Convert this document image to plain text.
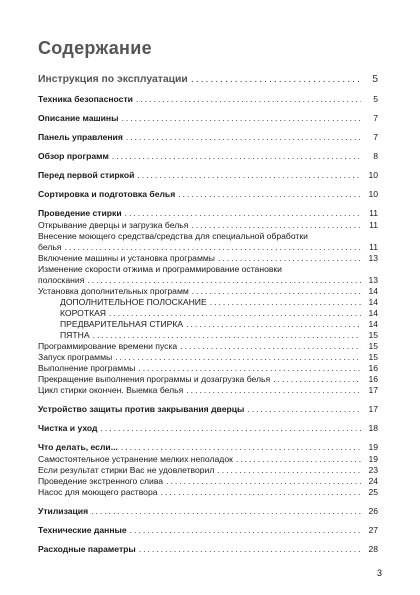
Содержание
Инструкция по эксплуатации .....	5
Техника безопасности .....	5
Описание машины .....	7
Панель управления .....	7
Обзор программ .....	8
Перед первой стиркой .....	10
Сортировка и подготовка белья .....	10
Проведение стирки .....	11
Открывание дверцы и загрузка белья .....	11
Внесение моющего средства/средства для специальной обработки
белья .....	11
Включение машины и установка программы .....	13
Изменение скорости отжима и программирование остановки
полоскания .....	13
Установка дополнительных программ .....	14
ДОПОЛНИТЕЛЬНОЕ ПОЛОСКАНИЕ .....	14
КОРОТКАЯ .....	14
ПРЕДВАРИТЕЛЬНАЯ СТИРКА .....	14
ПЯТНА .....	15
Программирование времени пуска .....	15
Запуск программы .....	15
Выполнение программы .....	16
Прекращение выполнения программы и дозагрузка белья .....	16
Цикл стирки окончен. Выемка белья .....	17
Устройство защиты против закрывания дверцы .....	17
Чистка и уход .....	18
Что делать, если... .....	19
Самостоятельное устранение мелких неполадок .....	19
Если результат стирки Вас не удовлетворил .....	23
Проведение экстренного слива .....	24
Насос для моющего раствора .....	25
Утилизация .....	26
Технические данные .....	27
Расходные параметры .....	28
3
